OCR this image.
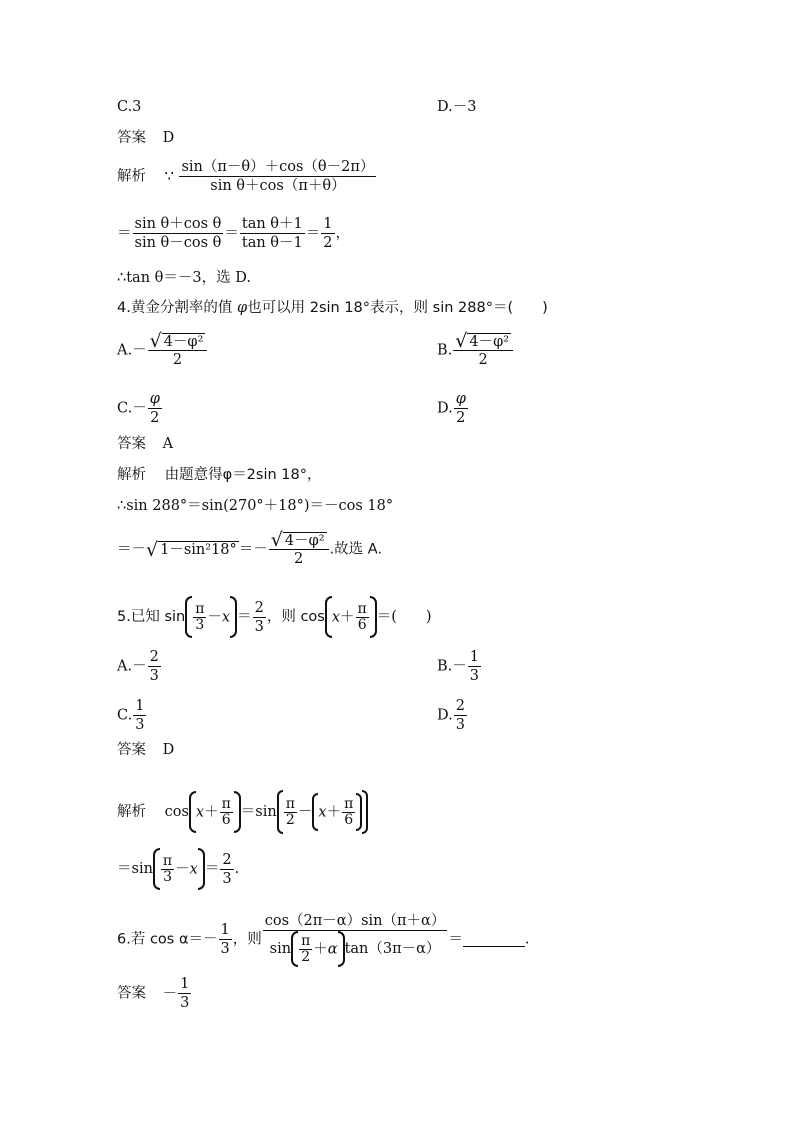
C.3	D.－3
答案 D
解析 ∵ $\frac{\sin(\pi-\theta)+\cos(\theta-2\pi)}{\text{sin θ＋cos（π＋θ）}}$
＝ $\frac{\text{sin θ＋cos θ}}{\text{sin θ－cos θ}} = \frac{\text{tan θ＋1}}{\text{tan θ－1}} = \frac{1}{2}$ ，
∴tan θ＝－3，选 D.
4.黄金分割率的值 φ也可以用 2sin 18°表示，则 sin 288°＝(　　)
$A.- \frac{\text{√ 4－φ²}}{2}$	B. $\frac{\text{√ 4－φ²}}{2}$
$C.- \frac{\varphi}{2}$	D. $\frac{\varphi}{2}$
答案 A
解析 由题意得φ＝2sin 18°，
∴sin 288°＝sin(270°＋18°)＝－cos 18°
＝－√ $1-\sin^218^\circ =- \frac{\text{√ 4－φ²}}{2}$ .故选 A.
5.已知 $\sin \frac{\pi}{3} -x = \frac{2}{3}$ ，则 $\cos x+ \frac{\pi}{6}$ ＝(　　)
$A.- \frac{2}{3}$	$B.- \frac{1}{3}$
C. $\frac{1}{3}$	D. $\frac{2}{3}$
答案 D
解析 $\cos x+ \frac{\pi}{6} =\sin \frac{\pi}{2} - x+ \frac{\pi}{6}$
$=\sin \frac{\pi}{3} -x = \frac{2}{3}$ .
6.若 $\cos \alpha=- \frac{1}{3}$ ，则 $\frac{\cos(2\pi-\alpha)\sin(\pi+\alpha)}{\sin \frac{\pi}{2} +\alpha \tan(3\pi-\alpha)}$ ＝	.
答案 － $\frac{1}{3}$
